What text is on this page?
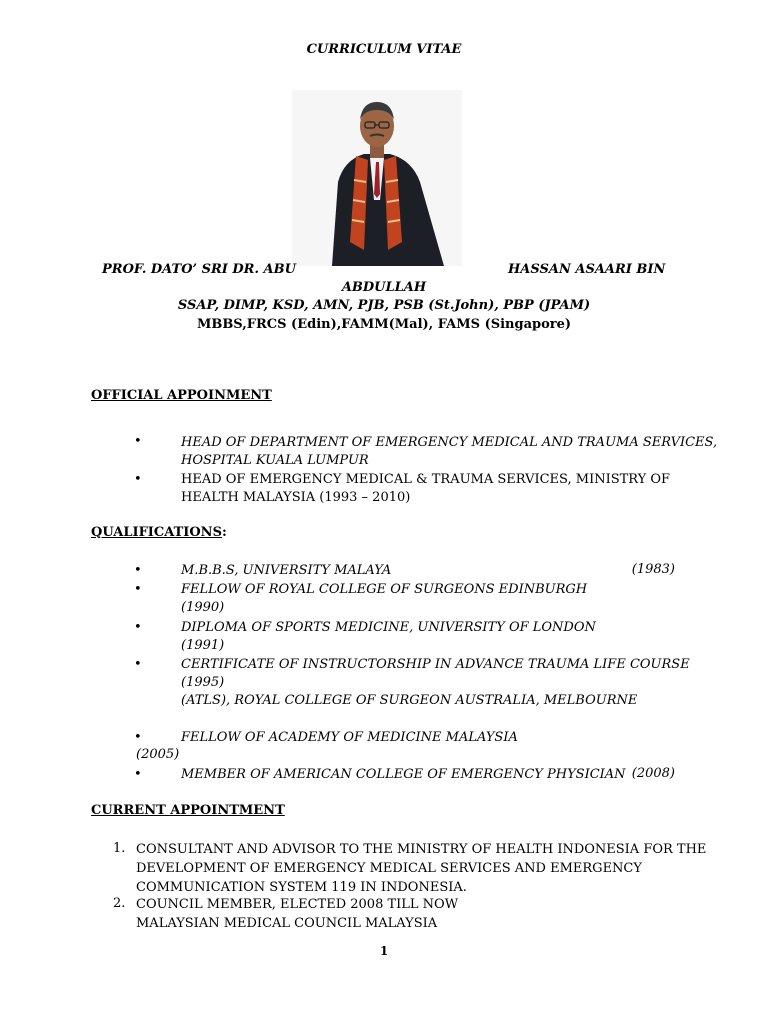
CURRICULUM VITAE
PROF. DATO’ SRI DR. ABU	HASSAN ASAARI BIN
ABDULLAH
SSAP, DIMP, KSD, AMN, PJB, PSB (St.John), PBP (JPAM)
MBBS,FRCS (Edin),FAMM(Mal), FAMS (Singapore)
OFFICIAL APPOINMENT
•	HEAD OF DEPARTMENT OF EMERGENCY MEDICAL AND TRAUMA SERVICES,
HOSPITAL KUALA LUMPUR
•	HEAD OF EMERGENCY MEDICAL & TRAUMA SERVICES, MINISTRY OF
HEALTH MALAYSIA (1993 – 2010)
QUALIFICATIONS:
•	M.B.B.S, UNIVERSITY MALAYA	(1983)
•	FELLOW OF ROYAL COLLEGE OF SURGEONS EDINBURGH
(1990)
•	DIPLOMA OF SPORTS MEDICINE, UNIVERSITY OF LONDON
(1991)
•	CERTIFICATE OF INSTRUCTORSHIP IN ADVANCE TRAUMA LIFE COURSE
(1995)
(ATLS), ROYAL COLLEGE OF SURGEON AUSTRALIA, MELBOURNE
•	FELLOW OF ACADEMY OF MEDICINE MALAYSIA
(2005)
•	MEMBER OF AMERICAN COLLEGE OF EMERGENCY PHYSICIAN (2008)
CURRENT APPOINTMENT
1. CONSULTANT AND ADVISOR TO THE MINISTRY OF HEALTH INDONESIA FOR THE
DEVELOPMENT OF EMERGENCY MEDICAL SERVICES AND EMERGENCY
COMMUNICATION SYSTEM 119 IN INDONESIA.
2. COUNCIL MEMBER, ELECTED 2008 TILL NOW
MALAYSIAN MEDICAL COUNCIL MALAYSIA
1
